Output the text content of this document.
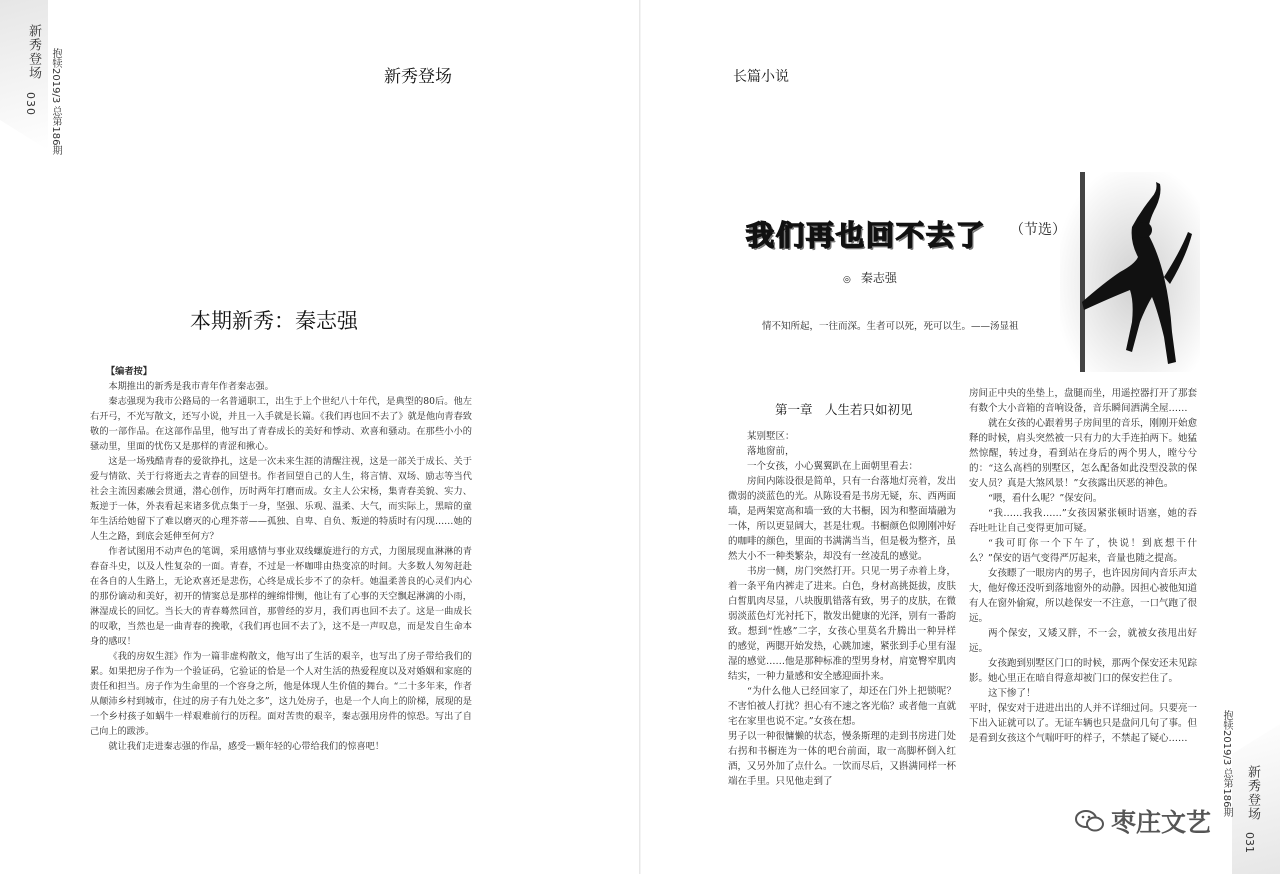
新秀登场
030 抱犊2019/3 总第186期	新秀登场
本期新秀：秦志强
【编者按】

本期推出的新秀是我市青年作者秦志强。

秦志强现为我市公路局的一名普通职工，出生于上个世纪八十年代，是典型的80后。他左右开弓，不光写散文，还写小说，并且一入手就是长篇。《我们再也回不去了》就是他向青春致敬的一部作品。在这部作品里，他写出了青春成长的美好和悸动、欢喜和骚动。在那些小小的骚动里，里面的忧伤又是那样的青涩和揪心。

这是一场残酷青春的爱欲挣扎，这是一次未来生涯的清醒注视，这是一部关于成长、关于爱与情欲、关于行将逝去之青春的回望书。作者回望自己的人生，将言情、双场、励志等当代社会主流因素融会贯通，潜心创作，历时两年打磨而成。女主人公宋杨，集青春美貌、实力、叛逆于一体，外表看起来诸多优点集于一身，坚强、乐观、温柔、大气，而实际上，黑暗的童年生活给她留下了难以磨灭的心理芥蒂——孤独、自卑、自负、叛逆的特质时有闪现……她的人生之路，到底会延伸至何方？

作者试图用不动声色的笔调，采用感情与事业双线螺旋进行的方式，力图展现血淋淋的青春奋斗史，以及人性复杂的一面。青春，不过是一杯咖啡由热变凉的时间。大多数人匆匆赶赴在各自的人生路上，无论欢喜还是悲伤，心终是成长步不了的杂杆。她温柔善良的心灵们内心的那份谪动和美好，初开的情窦总是那样的缠绵悱恻，他让有了心事的天空飘起淋漓的小雨，淋湿成长的回忆。当长大的青春蓦然回首，那曾经的岁月，我们再也回不去了。这是一曲成长的叹歌，当然也是一曲青春的挽歌，《我们再也回不去了》，这不是一声叹息，而是发自生命本身的感叹！

《我的房奴生涯》作为一篇非虚构散文，他写出了生活的艰辛，也写出了房子带给我们的累。如果把房子作为一个验证码，它验证的恰是一个人对生活的热爱程度以及对婚姻和家庭的责任和担当。房子作为生命里的一个容身之所，他是体现人生价值的舞台。“二十多年来，作者从颠沛乡村到城市，住过的房子有九处之多”，这九处房子，也是一个人向上的阶梯，展现的是一个乡村孩子如蜗牛一样艰难前行的历程。面对苦贵的艰辛，秦志强用房件的惊恐。写出了自己向上的跋涉。

就让我们走进秦志强的作品，感受一颗年轻的心带给我们的惊喜吧！

长篇小说
我们再也回不去了 （节选）
◎ 秦志强
情不知所起，一往而深。生者可以死，死可以生。——汤显祖
第一章　人生若只如初见

某别墅区：

落地窗前，

一个女孩，小心翼翼趴在上面朝里看去：

房间内陈设很是简单，只有一台落地灯亮着，发出微弱的淡蓝色的光。从陈设看是书房无疑，东、西两面墙，是两架宽高和墙一致的大书橱，因为和整面墙融为一体，所以更显阔大，甚是壮观。书橱颜色似刚刚冲好的咖啡的颜色，里面的书满满当当，但是极为整齐，虽然大小不一种类繁杂，却没有一丝凌乱的感觉。

书房一侧，房门突然打开。只见一男子赤着上身，着一条平角内裤走了进来。白色，身材高挑挺拔，皮肤白皙肌肉尽显，八块腹肌错落有致，男子的皮肤，在微弱淡蓝色灯光衬托下，散发出健康的光泽，别有一番韵致。想到“性感”二字，女孩心里莫名升腾出一种异样的感觉，两腮开始发热，心跳加速，紧张到手心里有湿湿的感觉……他是那种标准的型男身材，肩宽臀窄肌肉结实，一种力量感和安全感迎面扑来。

“为什么他人已经回家了，却还在门外上把锁呢？不害怕被人打扰？担心有不速之客光临？或者他一直就宅在家里也说不定。”女孩在想。

男子以一种很慵懒的状态，慢条斯理的走到书房进门处右拐和书橱连为一体的吧台前面，取一高脚杯倒入红酒，又另外加了点什么。一饮而尽后，又斟满同样一杯端在手里。只见他走到了

房间正中央的坐垫上，盘腿而坐，用遥控器打开了那套有数个大小音箱的音响设备，音乐瞬间洒满全屋……

就在女孩的心跟着男子房间里的音乐，刚刚开始愈释的时候，肩头突然被一只有力的大手连拍两下。她猛然惊醒，转过身，看到站在身后的两个男人，瞠兮兮的：“这么高档的别墅区，怎么配备如此没型没款的保安人员？真是大煞风景！”女孩露出厌恶的神色。

“喂，看什么呢？”保安问。

“我……我我……”女孩因紧张顿时语塞，她的吞吞吐吐让自己变得更加可疑。

“我可盯你一个下午了，快说！到底想干什么？”保安的语气变得严厉起来，音量也随之提高。

女孩瞟了一眼房内的男子，也许因房间内音乐声太大，他好像还没听到落地窗外的动静。因担心被他知道有人在窗外偷窥，所以趁保安一不注意，一口气跑了很远。

两个保安，又矮又胖，不一会，就被女孩甩出好远。

女孩跑到别墅区门口的时候，那两个保安还未见踪影。她心里正在暗自得意却被门口的保安拦住了。

这下惨了！

平时，保安对于进进出出的人并不详细过问。只要亮一下出入证就可以了。无证车辆也只是盘问几句了事。但是看到女孩这个气喘吁吁的样子，不禁起了疑心……	抱犊2019/3 总第186期 新秀登场
031
枣庄文艺
